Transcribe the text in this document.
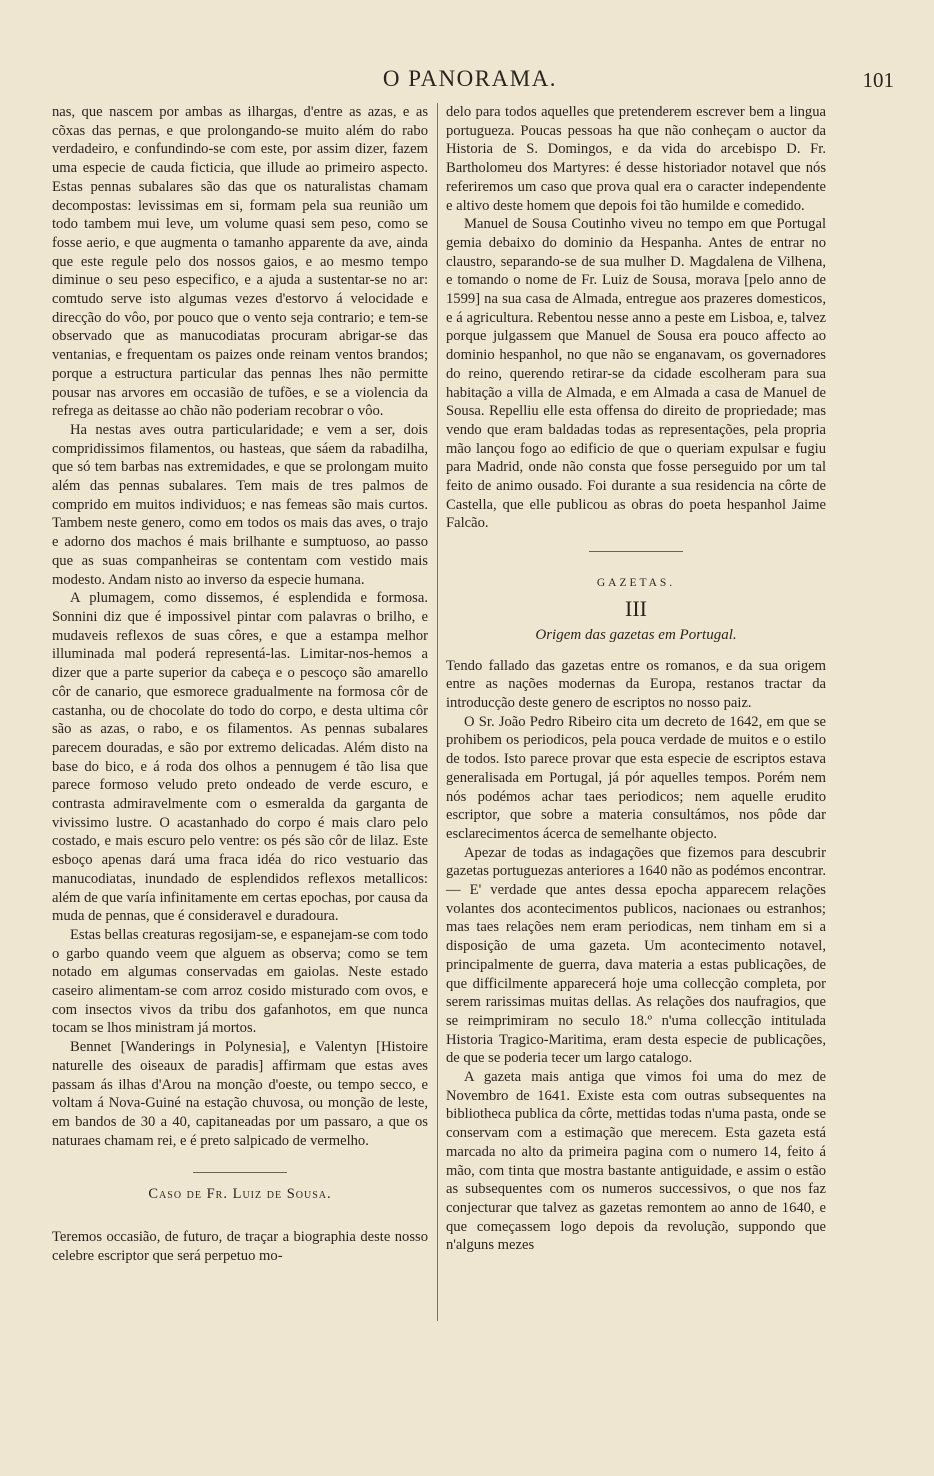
O PANORAMA.	101

nas, que nascem por ambas as ilhargas, d'entre as azas, e as cõxas das pernas, e que prolongando-se muito além do rabo verdadeiro, e confundindo-se com este, por assim dizer, fazem uma especie de cauda ficticia, que illude ao primeiro aspecto. Estas pennas subalares são das que os naturalistas chamam decompostas: levissimas em si, formam pela sua reunião um todo tambem mui leve, um volume quasi sem peso, como se fosse aerio, e que augmenta o tamanho apparente da ave, ainda que este regule pelo dos nossos gaios, e ao mesmo tempo diminue o seu peso especifico, e a ajuda a sustentar-se no ar: comtudo serve isto algumas vezes d'estorvo á velocidade e direcção do vôo, por pouco que o vento seja contrario; e tem-se observado que as manucodiatas procuram abrigar-se das ventanias, e frequentam os paizes onde reinam ventos brandos; porque a estructura particular das pennas lhes não permitte pousar nas arvores em occasião de tufões, e se a violencia da refrega as deitasse ao chão não poderiam recobrar o vôo.

Ha nestas aves outra particularidade; e vem a ser, dois compridissimos filamentos, ou hasteas, que sáem da rabadilha, que só tem barbas nas extremidades, e que se prolongam muito além das pennas subalares. Tem mais de tres palmos de comprido em muitos individuos; e nas femeas são mais curtos. Tambem neste genero, como em todos os mais das aves, o trajo e adorno dos machos é mais brilhante e sumptuoso, ao passo que as suas companheiras se contentam com vestido mais modesto. Andam nisto ao inverso da especie humana.

A plumagem, como dissemos, é esplendida e formosa. Sonnini diz que é impossivel pintar com palavras o brilho, e mudaveis reflexos de suas côres, e que a estampa melhor illuminada mal poderá representá-las. Limitar-nos-hemos a dizer que a parte superior da cabeça e o pescoço são amarello côr de canario, que esmorece gradualmente na formosa côr de castanha, ou de chocolate do todo do corpo, e desta ultima côr são as azas, o rabo, e os filamentos. As pennas subalares parecem douradas, e são por extremo delicadas. Além disto na base do bico, e á roda dos olhos a pennugem é tão lisa que parece formoso veludo preto ondeado de verde escuro, e contrasta admiravelmente com o esmeralda da garganta de vivissimo lustre. O acastanhado do corpo é mais claro pelo costado, e mais escuro pelo ventre: os pés são côr de lilaz. Este esboço apenas dará uma fraca idéa do rico vestuario das manucodiatas, inundado de esplendidos reflexos metallicos: além de que varía infinitamente em certas epochas, por causa da muda de pennas, que é consideravel e duradoura.

Estas bellas creaturas regosijam-se, e espanejam-se com todo o garbo quando veem que alguem as observa; como se tem notado em algumas conservadas em gaiolas. Neste estado caseiro alimentam-se com arroz cosido misturado com ovos, e com insectos vivos da tribu dos gafanhotos, em que nunca tocam se lhos ministram já mortos.

Bennet [Wanderings in Polynesia], e Valentyn [Histoire naturelle des oiseaux de paradis] affirmam que estas aves passam ás ilhas d'Arou na monção d'oeste, ou tempo secco, e voltam á Nova-Guiné na estação chuvosa, ou monção de leste, em bandos de 30 a 40, capitaneadas por um passaro, a que os naturaes chamam rei, e é preto salpicado de vermelho.

Caso de Fr. Luiz de Sousa.

Teremos occasião, de futuro, de traçar a biographia deste nosso celebre escriptor que será perpetuo mo-

delo para todos aquelles que pretenderem escrever bem a lingua portugueza. Poucas pessoas ha que não conheçam o auctor da Historia de S. Domingos, e da vida do arcebispo D. Fr. Bartholomeu dos Martyres: é desse historiador notavel que nós referiremos um caso que prova qual era o caracter independente e altivo deste homem que depois foi tão humilde e comedido.

Manuel de Sousa Coutinho viveu no tempo em que Portugal gemia debaixo do dominio da Hespanha. Antes de entrar no claustro, separando-se de sua mulher D. Magdalena de Vilhena, e tomando o nome de Fr. Luiz de Sousa, morava [pelo anno de 1599] na sua casa de Almada, entregue aos prazeres domesticos, e á agricultura. Rebentou nesse anno a peste em Lisboa, e, talvez porque julgassem que Manuel de Sousa era pouco affecto ao dominio hespanhol, no que não se enganavam, os governadores do reino, querendo retirar-se da cidade escolheram para sua habitação a villa de Almada, e em Almada a casa de Manuel de Sousa. Repelliu elle esta offensa do direito de propriedade; mas vendo que eram baldadas todas as representações, pela propria mão lançou fogo ao edificio de que o queriam expulsar e fugiu para Madrid, onde não consta que fosse perseguido por um tal feito de animo ousado. Foi durante a sua residencia na côrte de Castella, que elle publicou as obras do poeta hespanhol Jaime Falcão.

GAZETAS.
III
Origem das gazetas em Portugal.

Tendo fallado das gazetas entre os romanos, e da sua origem entre as nações modernas da Europa, restanos tractar da introducção deste genero de escriptos no nosso paiz.

O Sr. João Pedro Ribeiro cita um decreto de 1642, em que se prohibem os periodicos, pela pouca verdade de muitos e o estilo de todos. Isto parece provar que esta especie de escriptos estava generalisada em Portugal, já pór aquelles tempos. Porém nem nós podémos achar taes periodicos; nem aquelle erudito escriptor, que sobre a materia consultámos, nos pôde dar esclarecimentos ácerca de semelhante objecto.

Apezar de todas as indagações que fizemos para descubrir gazetas portuguezas anteriores a 1640 não as podémos encontrar. — E' verdade que antes dessa epocha apparecem relações volantes dos acontecimentos publicos, nacionaes ou estranhos; mas taes relações nem eram periodicas, nem tinham em si a disposição de uma gazeta. Um acontecimento notavel, principalmente de guerra, dava materia a estas publicações, de que difficilmente apparecerá hoje uma collecção completa, por serem rarissimas muitas dellas. As relações dos naufragios, que se reimprimiram no seculo 18.º n'uma collecção intitulada Historia Tragico-Maritima, eram desta especie de publicações, de que se poderia tecer um largo catalogo.

A gazeta mais antiga que vimos foi uma do mez de Novembro de 1641. Existe esta com outras subsequentes na bibliotheca publica da côrte, mettidas todas n'uma pasta, onde se conservam com a estimação que merecem. Esta gazeta está marcada no alto da primeira pagina com o numero 14, feito á mão, com tinta que mostra bastante antiguidade, e assim o estão as subsequentes com os numeros successivos, o que nos faz conjecturar que talvez as gazetas remontem ao anno de 1640, e que começassem logo depois da revolução, suppondo que n'alguns mezes
